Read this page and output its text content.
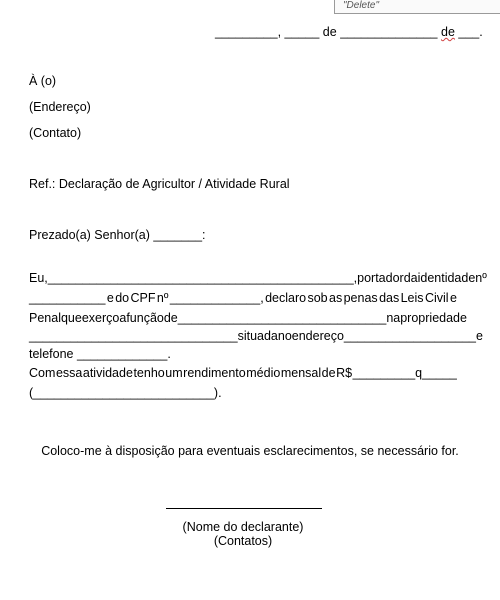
"Delete"
_________, _____ de ______________ de ___.
À (o)
(Endereço)
(Contato)
Ref.: Declaração de Agricultor / Atividade Rural
Prezado(a) Senhor(a) _______:
Eu, ____________________________________________, portador da identidade nº
___________ e do CPF nº _____________, declaro sob as penas das Leis Civil e
Penal que exerço a função de ______________________________ na propriedade
______________________________ situada no endereço ___________________ e
telefone _____________.
Com essa atividade tenho um rendimento médio mensal de R$ _________q_____
(__________________________).
Coloco-me à disposição para eventuais esclarecimentos, se necessário for.
(Nome do declarante)
(Contatos)
